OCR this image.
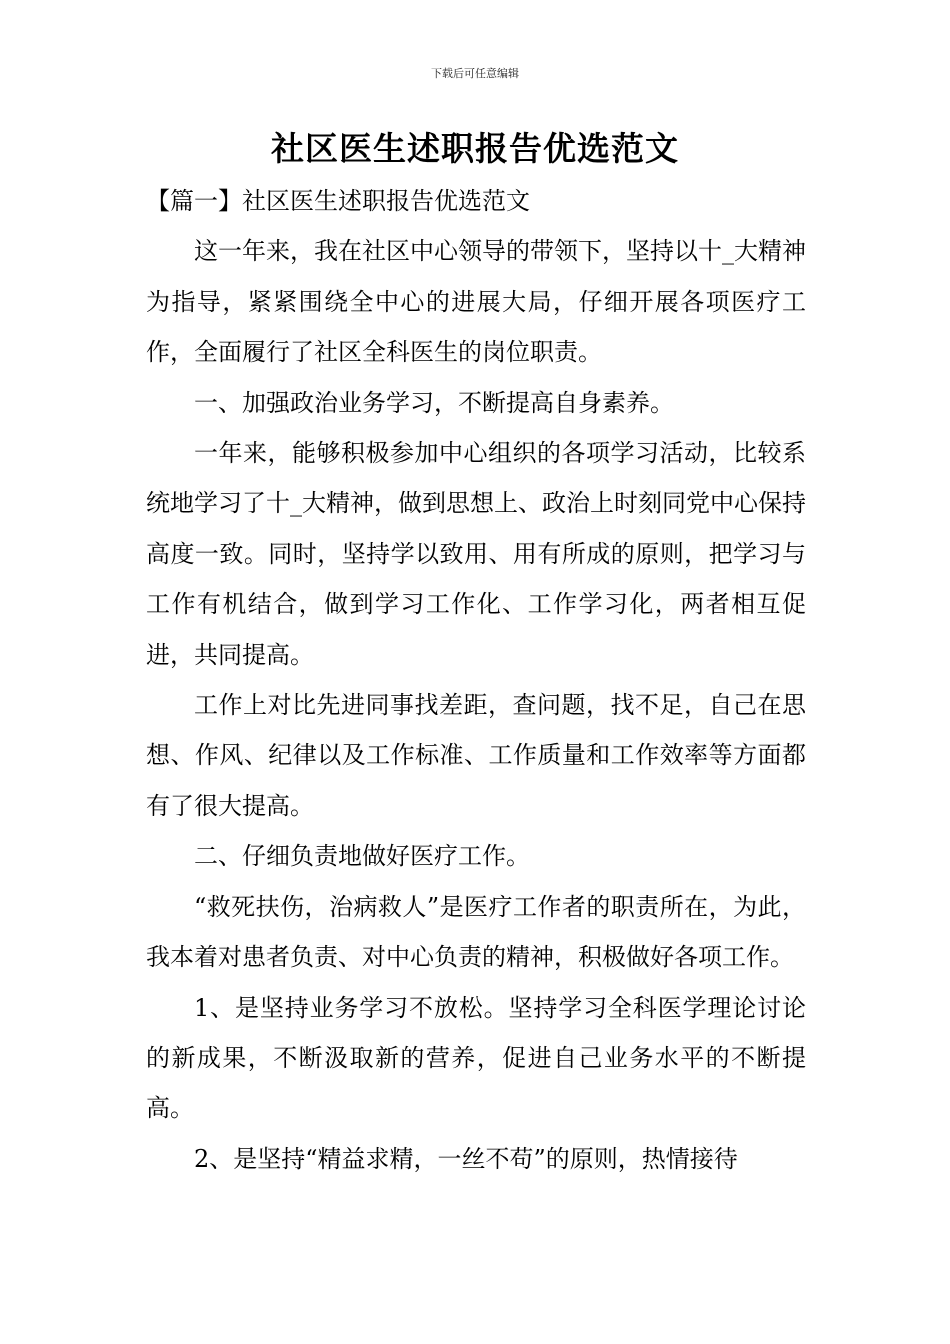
下载后可任意编辑
社区医生述职报告优选范文

【篇一】社区医生述职报告优选范文

这一年来，我在社区中心领导的带领下，坚持以十_大精神为指导，紧紧围绕全中心的进展大局，仔细开展各项医疗工作，全面履行了社区全科医生的岗位职责。

一、加强政治业务学习，不断提高自身素养。

一年来，能够积极参加中心组织的各项学习活动，比较系统地学习了十_大精神，做到思想上、政治上时刻同党中心保持高度一致。同时，坚持学以致用、用有所成的原则，把学习与工作有机结合，做到学习工作化、工作学习化，两者相互促进，共同提高。

工作上对比先进同事找差距，查问题，找不足，自己在思想、作风、纪律以及工作标准、工作质量和工作效率等方面都有了很大提高。

二、仔细负责地做好医疗工作。

“救死扶伤，治病救人”是医疗工作者的职责所在，为此，我本着对患者负责、对中心负责的精神，积极做好各项工作。

1、是坚持业务学习不放松。坚持学习全科医学理论讨论的新成果，不断汲取新的营养，促进自己业务水平的不断提高。

2、是坚持“精益求精，一丝不苟”的原则，热情接待
